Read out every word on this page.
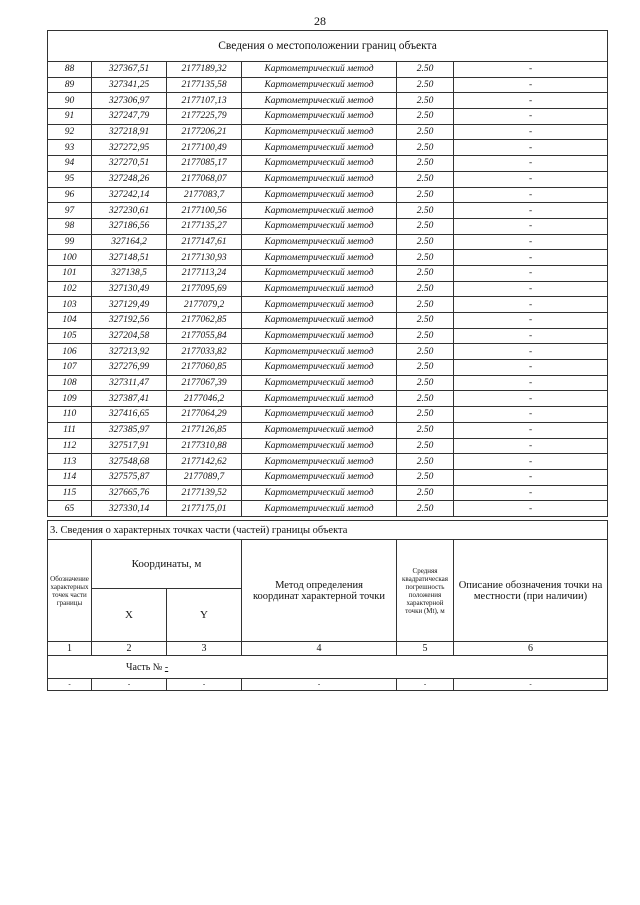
28
Сведения о местоположении границ объекта					
88	327367,51	2177189,32	Картометрический метод	2.50	-
89	327341,25	2177135,58	Картометрический метод	2.50	-
90	327306,97	2177107,13	Картометрический метод	2.50	-
91	327247,79	2177225,79	Картометрический метод	2.50	-
92	327218,91	2177206,21	Картометрический метод	2.50	-
93	327272,95	2177100,49	Картометрический метод	2.50	-
94	327270,51	2177085,17	Картометрический метод	2.50	-
95	327248,26	2177068,07	Картометрический метод	2.50	-
96	327242,14	2177083,7	Картометрический метод	2.50	-
97	327230,61	2177100,56	Картометрический метод	2.50	-
98	327186,56	2177135,27	Картометрический метод	2.50	-
99	327164,2	2177147,61	Картометрический метод	2.50	-
100	327148,51	2177130,93	Картометрический метод	2.50	-
101	327138,5	2177113,24	Картометрический метод	2.50	-
102	327130,49	2177095,69	Картометрический метод	2.50	-
103	327129,49	2177079,2	Картометрический метод	2.50	-
104	327192,56	2177062,85	Картометрический метод	2.50	-
105	327204,58	2177055,84	Картометрический метод	2.50	-
106	327213,92	2177033,82	Картометрический метод	2.50	-
107	327276,99	2177060,85	Картометрический метод	2.50	-
108	327311,47	2177067,39	Картометрический метод	2.50	-
109	327387,41	2177046,2	Картометрический метод	2.50	-
110	327416,65	2177064,29	Картометрический метод	2.50	-
111	327385,97	2177126,85	Картометрический метод	2.50	-
112	327517,91	2177310,88	Картометрический метод	2.50	-
113	327548,68	2177142,62	Картометрический метод	2.50	-
114	327575,87	2177089,7	Картометрический метод	2.50	-
115	327665,76	2177139,52	Картометрический метод	2.50	-
65	327330,14	2177175,01	Картометрический метод	2.50	-
3. Сведения о характерных точках части (частей) границы объекта					
Обозначение характерных точек части границы	Координаты, м		Метод определения координат характерной точки	Средняя квадратическая погрешность положения характерной точки (Mt), м	Описание обозначения точки на местности (при наличии)
	X	Y			
1	2	3	4	5	6
Часть № -					
-	-	-	-	-	-
